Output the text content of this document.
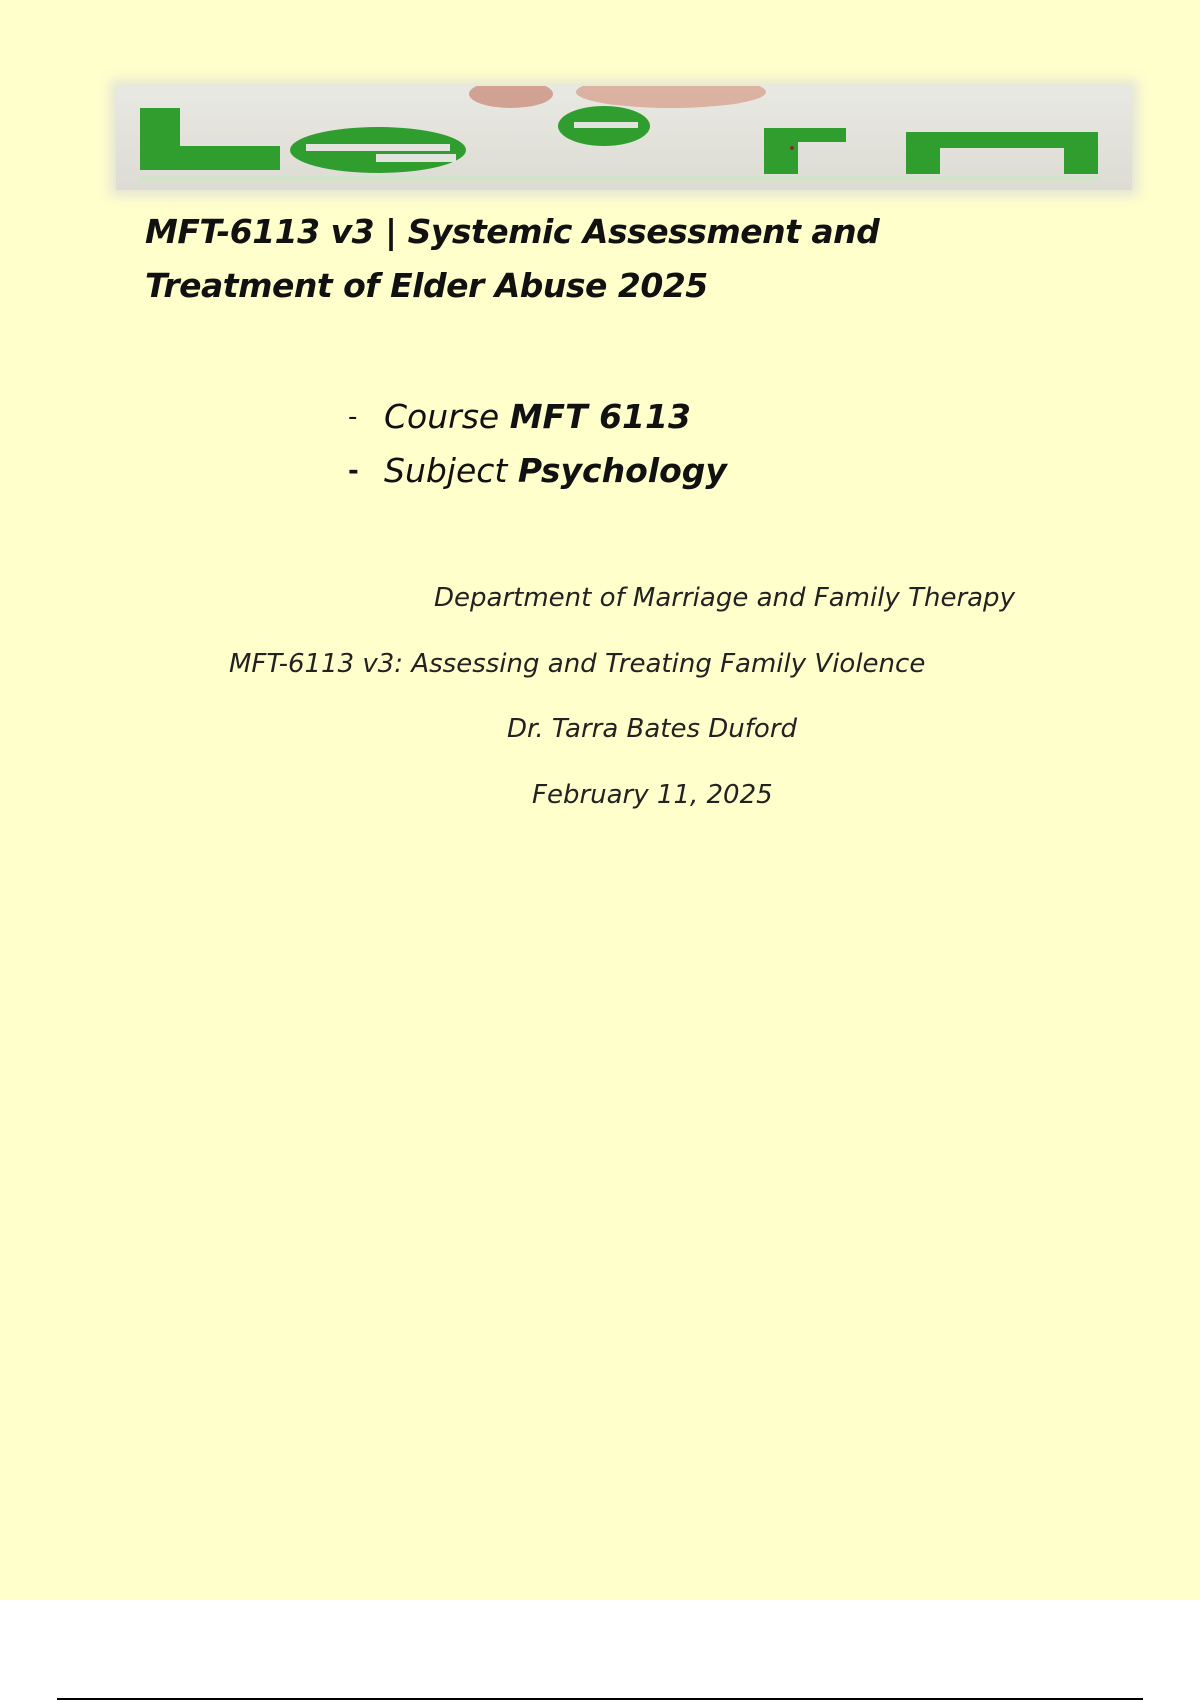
MFT-6113 v3 | Systemic Assessment and Treatment of Elder Abuse 2025
- Course MFT 6113
- Subject Psychology

Department of Marriage and Family Therapy

MFT-6113 v3: Assessing and Treating Family Violence

Dr. Tarra Bates Duford

February 11, 2025
